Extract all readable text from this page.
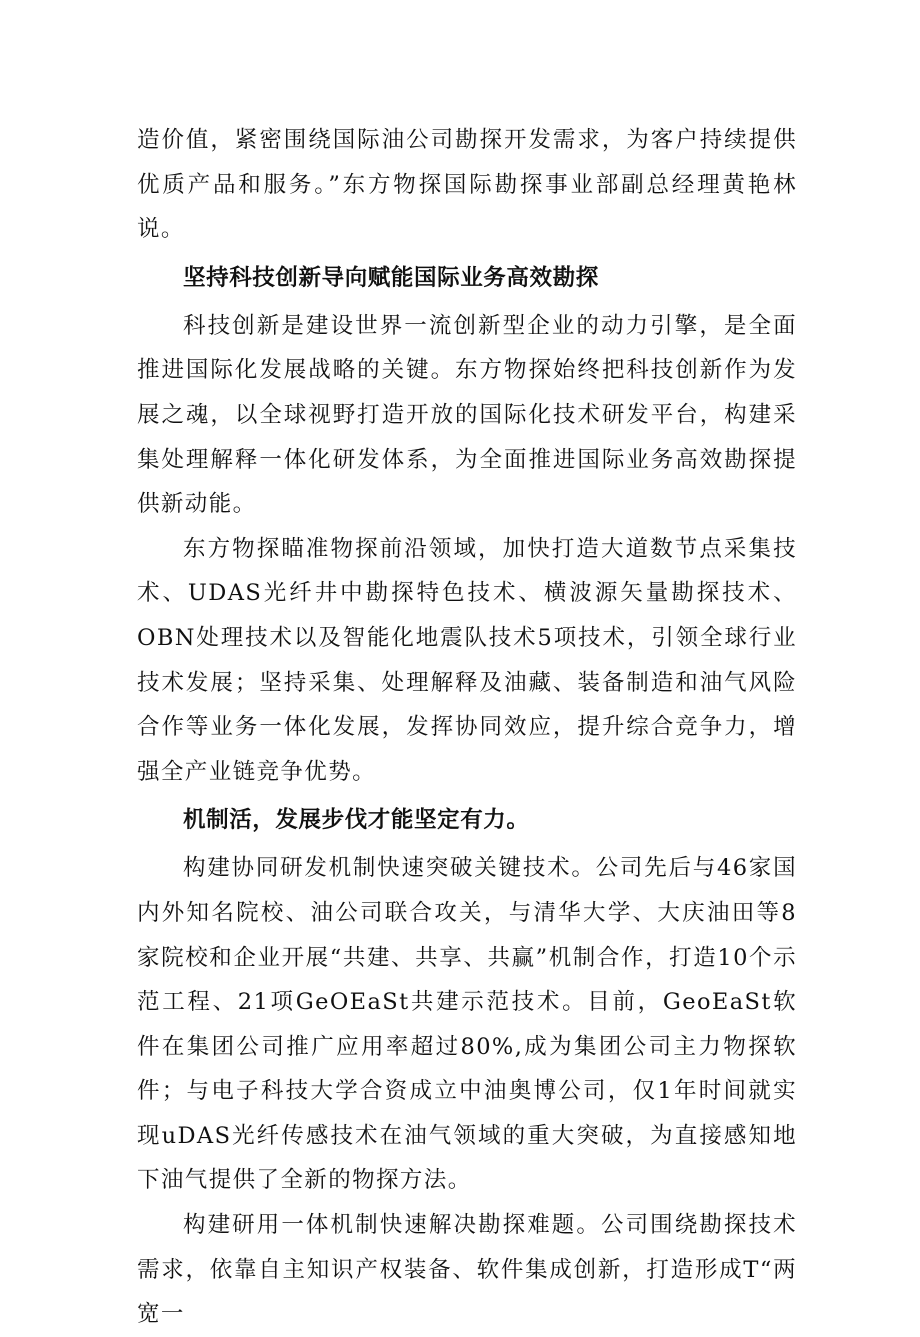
造价值，紧密围绕国际油公司勘探开发需求，为客户持续提供优质产品和服务。”东方物探国际勘探事业部副总经理黄艳林说。

坚持科技创新导向赋能国际业务高效勘探

科技创新是建设世界一流创新型企业的动力引擎，是全面推进国际化发展战略的关键。东方物探始终把科技创新作为发展之魂，以全球视野打造开放的国际化技术研发平台，构建采集处理解释一体化研发体系，为全面推进国际业务高效勘探提供新动能。

东方物探瞄准物探前沿领域，加快打造大道数节点采集技术、UDAS光纤井中勘探特色技术、横波源矢量勘探技术、OBN处理技术以及智能化地震队技术5项技术，引领全球行业技术发展；坚持采集、处理解释及油藏、装备制造和油气风险合作等业务一体化发展，发挥协同效应，提升综合竞争力，增强全产业链竞争优势。

机制活，发展步伐才能坚定有力。

构建协同研发机制快速突破关键技术。公司先后与46家国内外知名院校、油公司联合攻关，与清华大学、大庆油田等8家院校和企业开展“共建、共享、共赢”机制合作，打造10个示范工程、21项GeOEaSt共建示范技术。目前，GeoEaSt软件在集团公司推广应用率超过80%,成为集团公司主力物探软件；与电子科技大学合资成立中油奥博公司，仅1年时间就实现uDAS光纤传感技术在油气领域的重大突破，为直接感知地下油气提供了全新的物探方法。

构建研用一体机制快速解决勘探难题。公司围绕勘探技术需求，依靠自主知识产权装备、软件集成创新，打造形成T“两宽一
